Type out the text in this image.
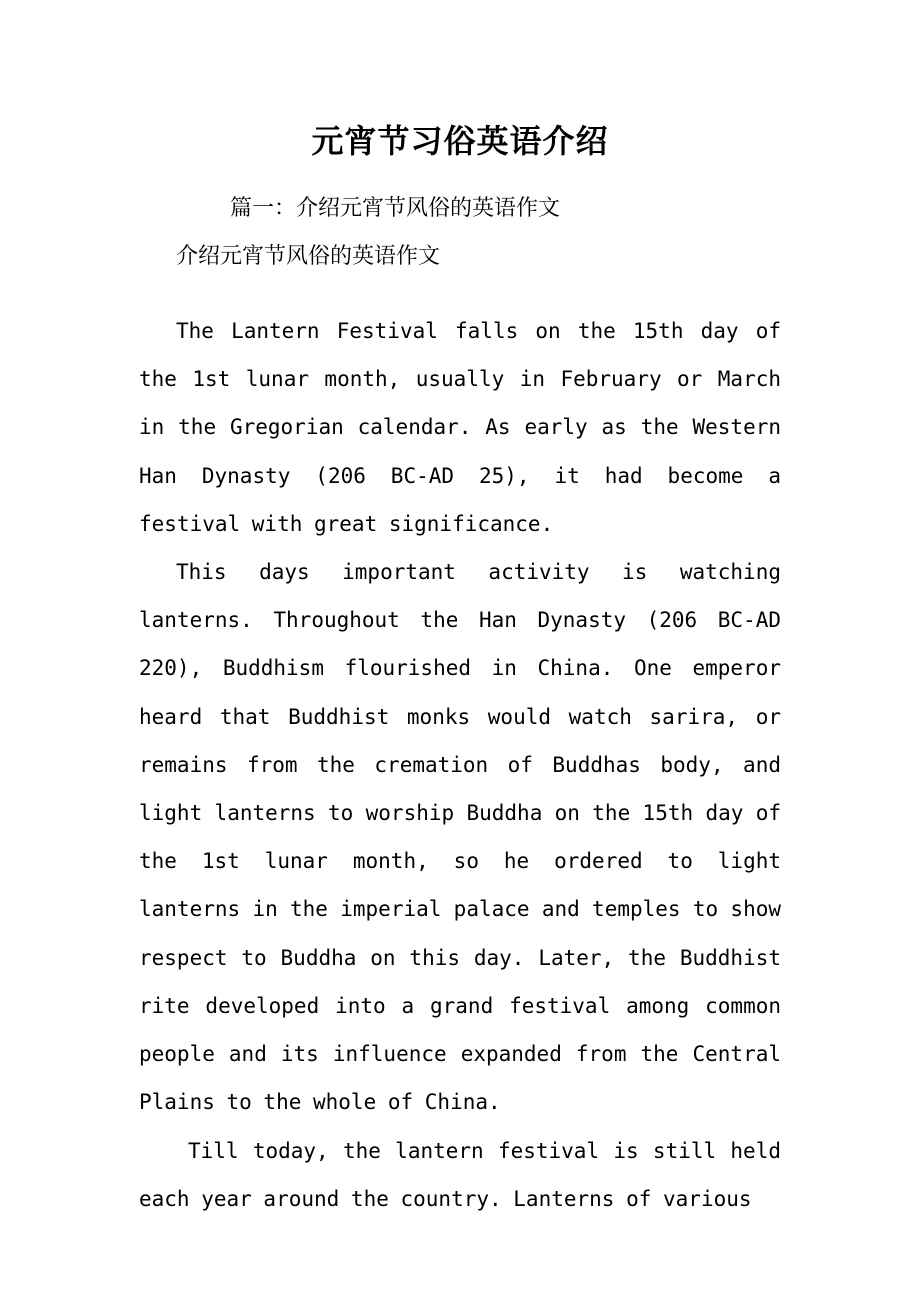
元宵节习俗英语介绍
篇一：介绍元宵节风俗的英语作文
介绍元宵节风俗的英语作文

The Lantern Festival falls on the 15th day of the 1st lunar month, usually in February or March in the Gregorian calendar. As early as the Western Han Dynasty (206 BC-AD 25), it had become a festival with great significance.

This days important activity is watching lanterns. Throughout the Han Dynasty (206 BC-AD 220), Buddhism flourished in China. One emperor heard that Buddhist monks would watch sarira, or remains from the cremation of Buddhas body, and light lanterns to worship Buddha on the 15th day of the 1st lunar month, so he ordered to light lanterns in the imperial palace and temples to show respect to Buddha on this day. Later, the Buddhist rite developed into a grand festival among common people and its influence expanded from the Central Plains to the whole of China.

Till today, the lantern festival is still held each year around the country. Lanterns of various
